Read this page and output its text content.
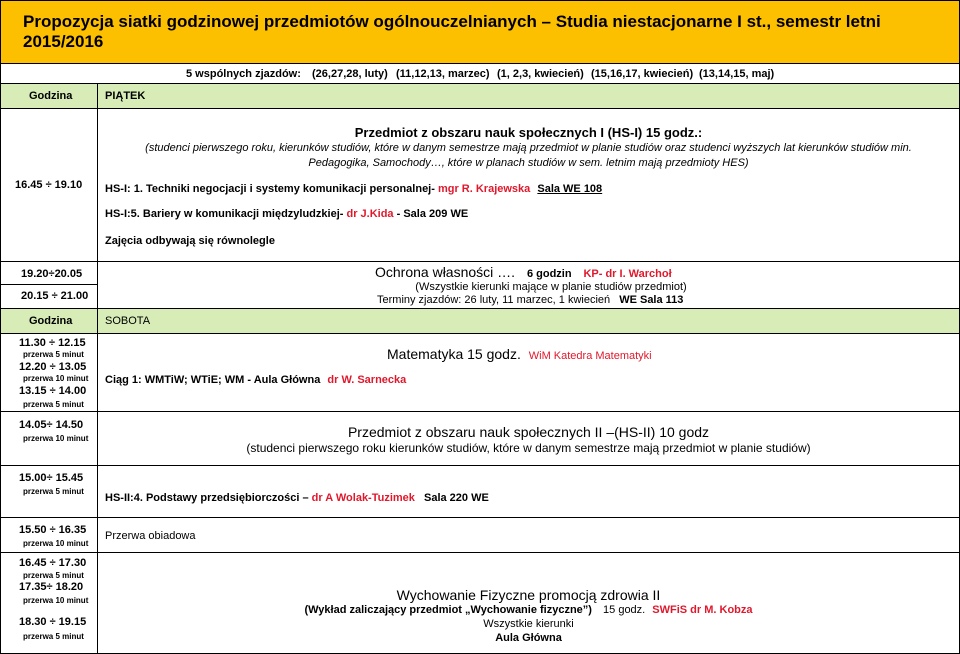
Propozycja siatki godzinowej przedmiotów ogólnouczelnianych – Studia niestacjonarne I st., semestr letni 2015/2016
5 wspólnych zjazdów: (26,27,28, luty) (11,12,13, marzec) (1, 2,3, kwiecień) (15,16,17, kwiecień) (13,14,15, maj)
Godzina	PIĄTEK
16.45 ÷ 19.10
Przedmiot z obszaru nauk społecznych I (HS-I) 15 godz.:
(studenci pierwszego roku, kierunków studiów, które w danym semestrze mają przedmiot w planie studiów oraz studenci wyższych lat kierunków studiów min.
Pedagogika, Samochody…, które w planach studiów w sem. letnim mają przedmioty HES)
HS-I: 1. Techniki negocjacji i systemy komunikacji personalnej- mgr R. Krajewska Sala WE 108
HS-I:5. Bariery w komunikacji międzyludzkiej- dr J.Kida - Sala 209 WE
Zajęcia odbywają się równolegle
19.20÷20.05
20.15 ÷ 21.00
Ochrona własności …. 6 godzin KP- dr I. Warchoł
(Wszystkie kierunki mające w planie studiów przedmiot)
Terminy zjazdów: 26 luty, 11 marzec, 1 kwiecień WE Sala 113
Godzina	SOBOTA
11.30 ÷ 12.15
przerwa 5 minut
12.20 ÷ 13.05
przerwa 10 minut
13.15 ÷ 14.00
przerwa 5 minut
14.05÷ 14.50
przerwa 10 minut
15.00÷ 15.45
przerwa 5 minut
15.50 ÷ 16.35
przerwa 10 minut
16.45 ÷ 17.30
przerwa 5 minut
17.35÷ 18.20
przerwa 10 minut
18.30 ÷ 19.15
przerwa 5 minut
Matematyka 15 godz. WiM Katedra Matematyki
Ciąg 1: WMTiW; WTiE; WM - Aula Główna dr W. Sarnecka
Przedmiot z obszaru nauk społecznych II –(HS-II) 10 godz
(studenci pierwszego roku kierunków studiów, które w danym semestrze mają przedmiot w planie studiów)
HS-II:4. Podstawy przedsiębiorczości – dr A Wolak-Tuzimek Sala 220 WE
Przerwa obiadowa
Wychowanie Fizyczne promocją zdrowia II
(Wykład zaliczający przedmiot „Wychowanie fizyczne”) 15 godz. SWFiS dr M. Kobza
Wszystkie kierunki
Aula Główna
